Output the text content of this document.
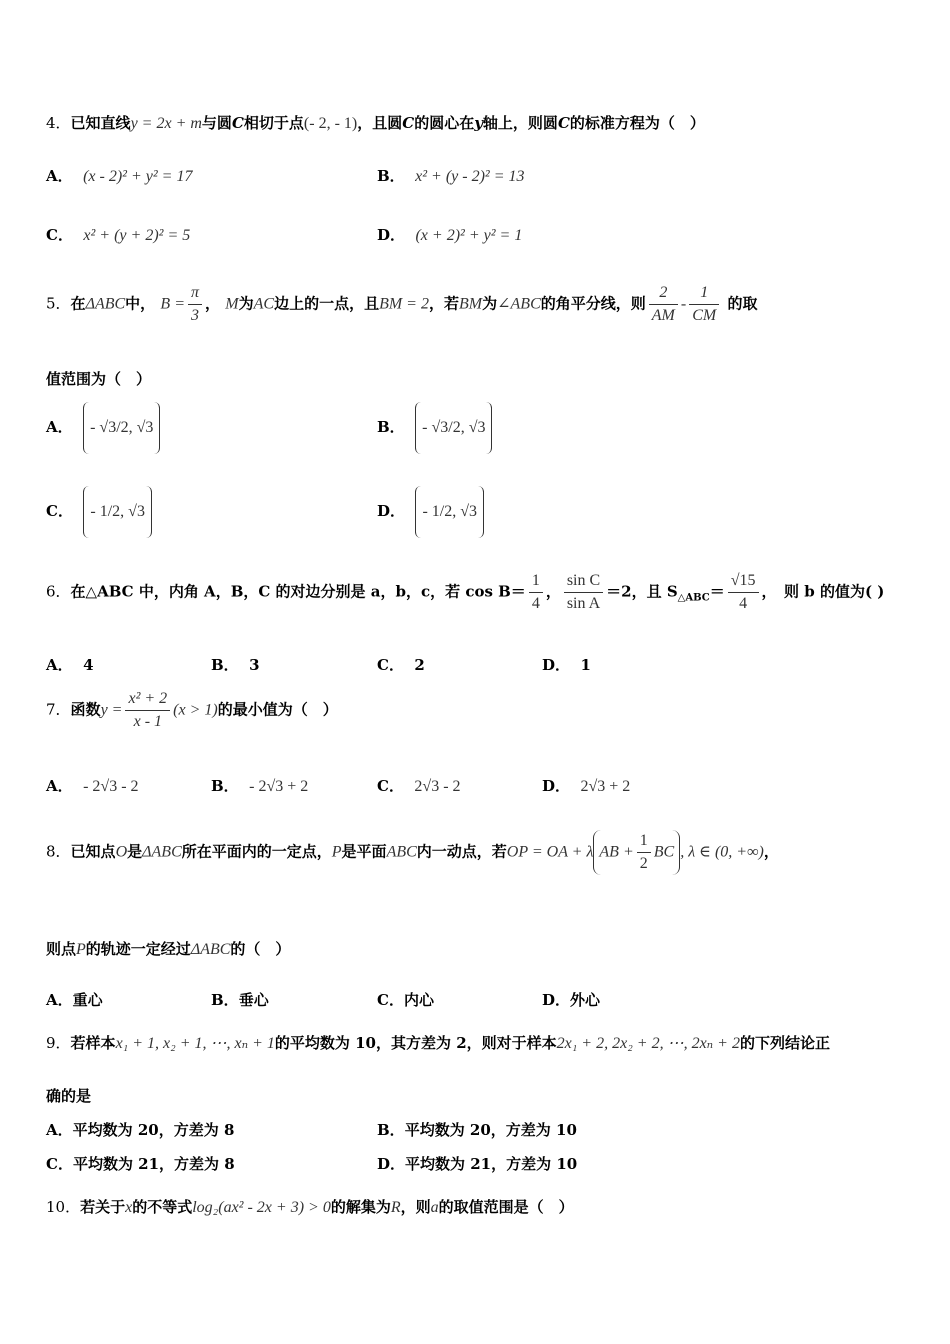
4．已知直线y = 2x + m与圆C相切于点(- 2, - 1)，且圆C的圆心在y轴上，则圆C的标准方程为（　）
A． (x - 2)² + y² = 17	B． x² + (y - 2)² = 13
C． x² + (y + 2)² = 5	D． (x + 2)² + y² = 1
5．在ΔABC中， $B = \frac{\pi}{3}$ ， M为AC边上的一点，且BM = 2，若BM为∠ABC的角平分线，则 $\frac{2}{AM} - \frac{1}{CM}$ 的取
值范围为（　）
A． - √3/2, √3	B． - √3/2, √3
C． - 1/2, √3	D． - 1/2, √3
6．在△ABC 中，内角 A，B，C 的对边分别是 a，b，c，若 $\cos B= \frac{1}{4}$ ， $\frac{\text{sin C}}{\text{sin A}} =2$，且 $S_{\triangle ABC}= \frac{√15}{4}$ ，　则 b 的值为( )
A． 4	B． 3	C． 2	D． 1
7．函数$y = \frac{\text{x² + 2}}{x - 1} (x > 1)$的最小值为（　）
A． - 2√3 - 2	B． - 2√3 + 2	C． 2√3 - 2	D． 2√3 + 2
8．已知点O是ΔABC所在平面内的一定点，P是平面ABC内一动点，若OP = OA + λ AB + $\frac{1}{2}$ BC , λ ∈ (0, +∞)，
则点P的轨迹一定经过ΔABC的（　）
A．重心	B．垂心	C．内心	D．外心
9．若样本x₁ + 1, x₂ + 1, ⋯, xₙ + 1的平均数为 10，其方差为 2，则对于样本2x₁ + 2, 2x₂ + 2, ⋯, 2xₙ + 2的下列结论正
确的是
A．平均数为 20，方差为 8	B．平均数为 20，方差为 10
C．平均数为 21，方差为 8	D．平均数为 21，方差为 10
10．若关于x的不等式log₂(ax² - 2x + 3) > 0的解集为R，则a的取值范围是（　）
